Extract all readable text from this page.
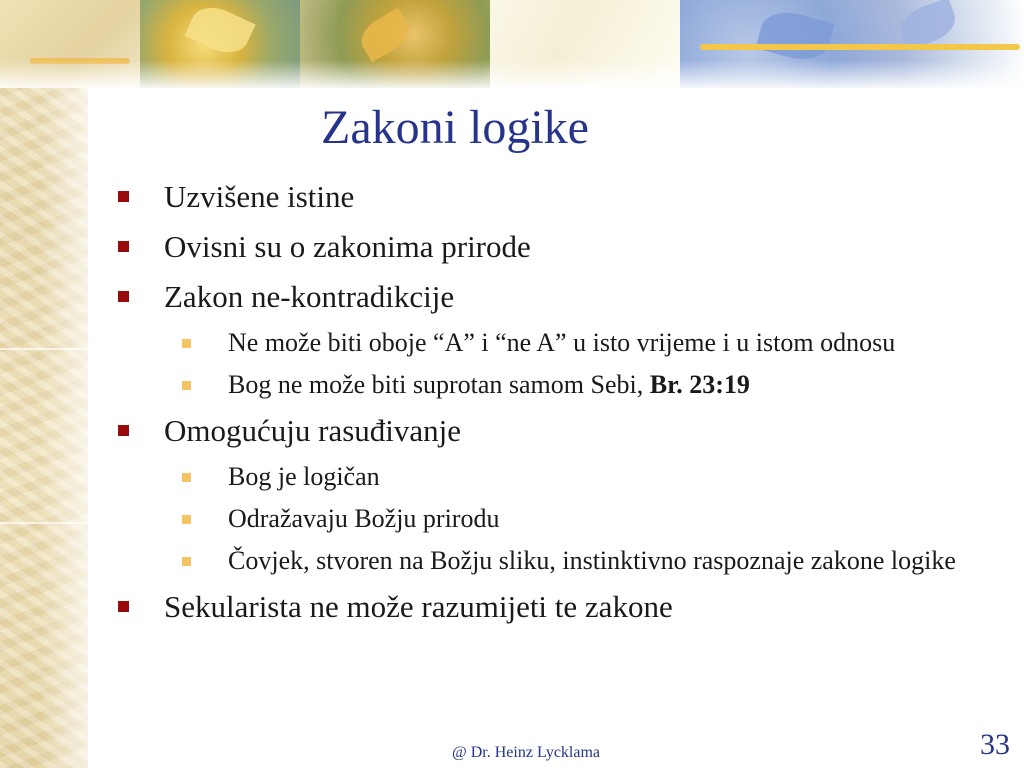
Zakoni logike
Uzvišene istine
Ovisni su o zakonima prirode
Zakon ne-kontradikcije
Ne može biti oboje “A” i “ne A” u isto vrijeme i u istom odnosu
Bog ne može biti suprotan samom Sebi, Br. 23:19
Omogućuju rasuđivanje
Bog je logičan
Odražavaju Božju prirodu
Čovjek, stvoren na Božju sliku, instinktivno raspoznaje zakone logike
Sekularista ne može razumijeti te zakone
@ Dr. Heinz Lycklama	33
